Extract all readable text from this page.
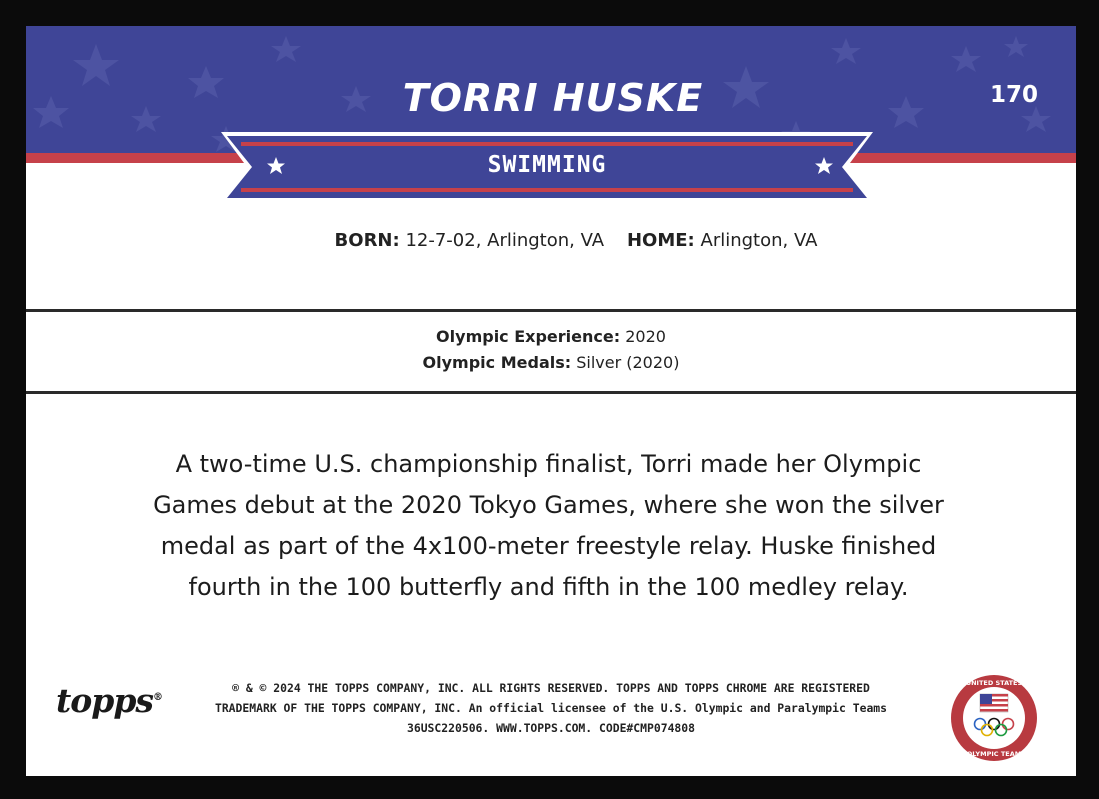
TORRI HUSKE	170
SWIMMING
BORN: 12-7-02, Arlington, VA HOME: Arlington, VA
Olympic Experience: 2020
Olympic Medals: Silver (2020)
A two-time U.S. championship finalist, Torri made her Olympic
Games debut at the 2020 Tokyo Games, where she won the silver
medal as part of the 4x100-meter freestyle relay. Huske finished
fourth in the 100 butterfly and fifth in the 100 medley relay.
topps®
® & © 2024 THE TOPPS COMPANY, INC. ALL RIGHTS RESERVED. TOPPS AND TOPPS CHROME ARE REGISTERED
TRADEMARK OF THE TOPPS COMPANY, INC. An official licensee of the U.S. Olympic and Paralympic Teams
36USC220506. WWW.TOPPS.COM. CODE#CMP074808
UNITED STATES
OLYMPIC TEAM
